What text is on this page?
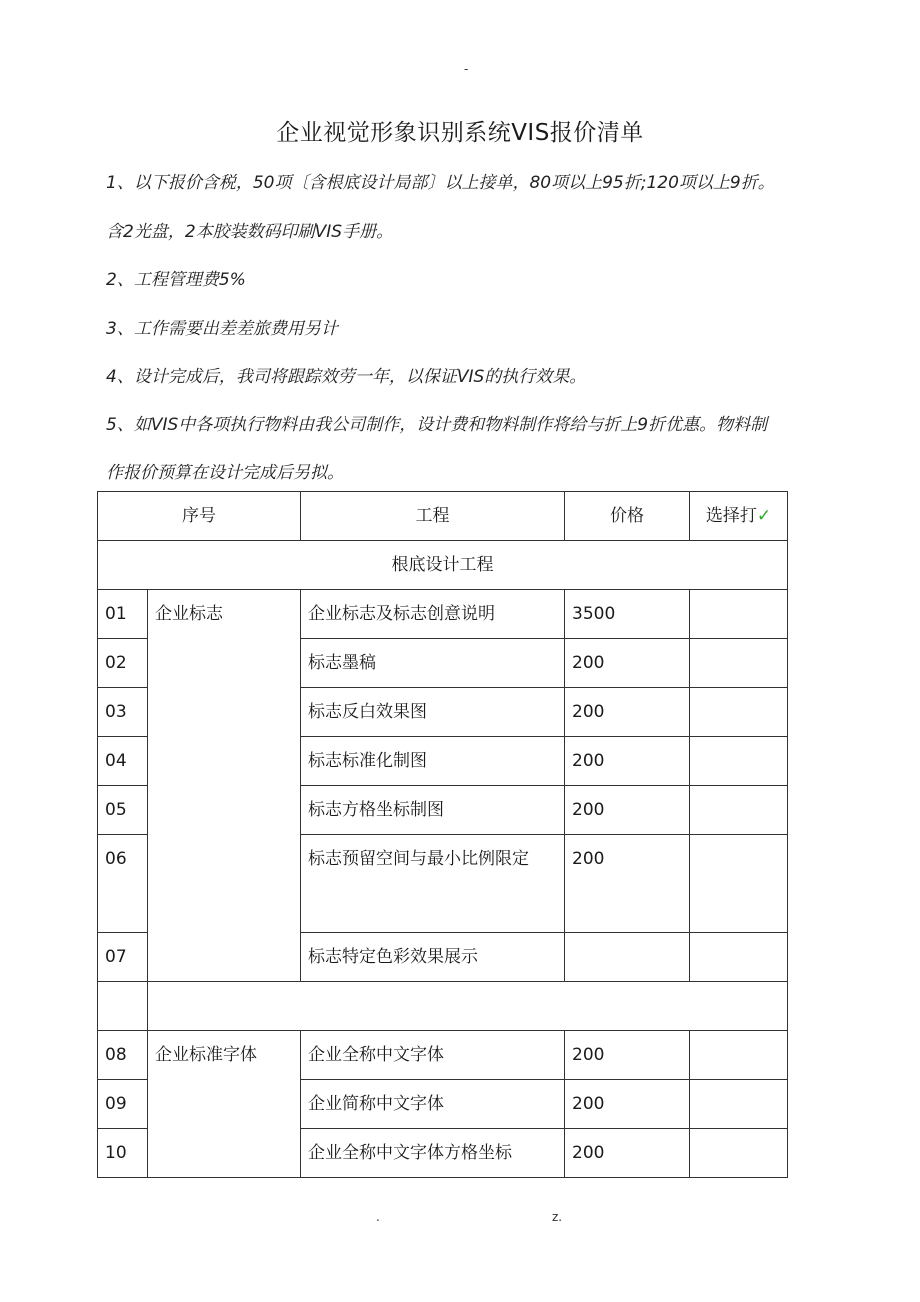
-
企业视觉形象识别系统VIS报价清单
1、以下报价含税，50项〔含根底设计局部〕以上接单，80项以上95折;120项以上9折。
含2光盘，2本胶装数码印刷VIS手册。
2、工程管理费5%
3、工作需要出差差旅费用另计
4、设计完成后，我司将跟踪效劳一年，以保证VIS的执行效果。
5、如VIS中各项执行物料由我公司制作，设计费和物料制作将给与折上9折优惠。物料制
作报价预算在设计完成后另拟。
序号		工程	价格	选择打✓
根底设计工程				
01	企业标志	企业标志及标志创意说明	3500	
02		标志墨稿	200	
03		标志反白效果图	200	
04		标志标准化制图	200	
05		标志方格坐标制图	200	
06		标志预留空间与最小比例限定	200	
07		标志特定色彩效果展示		

08	企业标准字体	企业全称中文字体	200	
09		企业简称中文字体	200	
10		企业全称中文字体方格坐标	200	
.	z.
